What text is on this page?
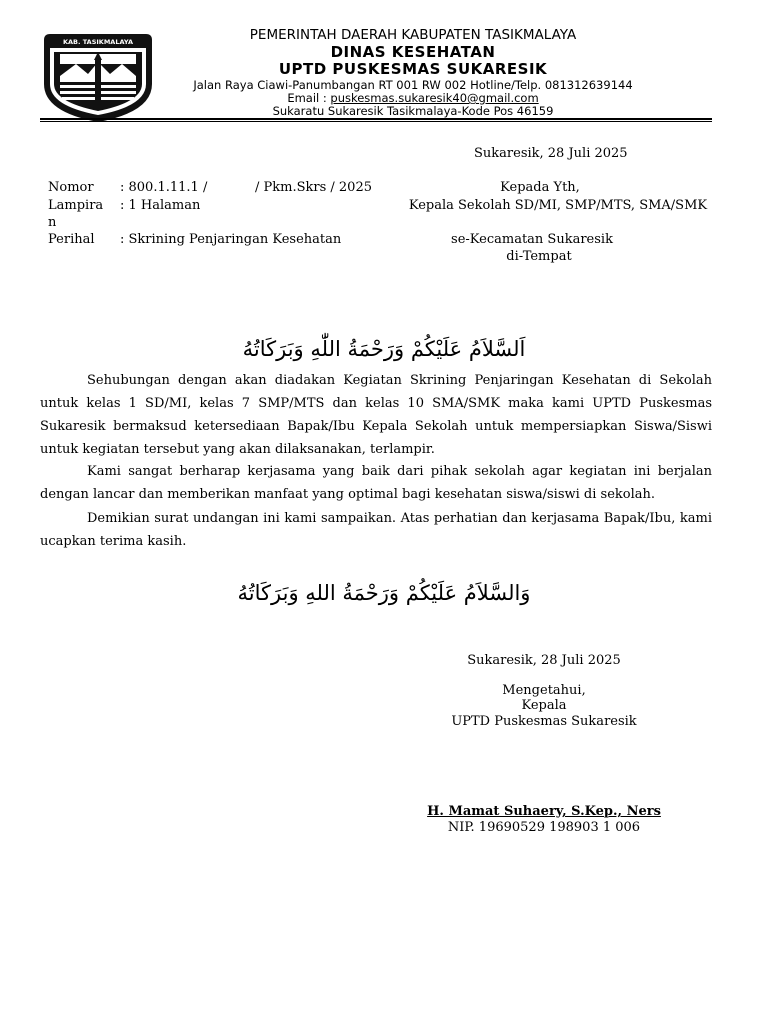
KAB. TASIKMALAYA	PEMERINTAH DAERAH KABUPATEN TASIKMALAYA
DINAS KESEHATAN
UPTD PUSKESMAS SUKARESIK
Jalan Raya Ciawi-Panumbangan RT 001 RW 002 Hotline/Telp. 081312639144
Email : puskesmas.sukaresik40@gmail.com
Sukaratu Sukaresik Tasikmalaya-Kode Pos 46159
Sukaresik, 28 Juli 2025
Nomor : 800.1.11.1 /	/ Pkm.Skrs / 2025
Lampira
n
: 1 Halaman
Perihal : Skrining Penjaringan Kesehatan
Kepada Yth,
Kepala Sekolah SD/MI, SMP/MTS, SMA/SMK
se-Kecamatan Sukaresik
di-Tempat
اَلسَّلاَمُ عَلَيْكُمْ وَرَحْمَةُ اللّٰهِ وَبَرَكَاتُهُ
Sehubungan dengan akan diadakan Kegiatan Skrining Penjaringan Kesehatan di Sekolah untuk kelas 1 SD/MI, kelas 7 SMP/MTS dan kelas 10 SMA/SMK maka kami UPTD Puskesmas Sukaresik bermaksud ketersediaan Bapak/Ibu Kepala Sekolah untuk mempersiapkan Siswa/Siswi untuk kegiatan tersebut yang akan dilaksanakan, terlampir.
Kami sangat berharap kerjasama yang baik dari pihak sekolah agar kegiatan ini berjalan dengan lancar dan memberikan manfaat yang optimal bagi kesehatan siswa/siswi di sekolah.
Demikian surat undangan ini kami sampaikan. Atas perhatian dan kerjasama Bapak/Ibu, kami ucapkan terima kasih.
وَالسَّلاَمُ عَلَيْكُمْ وَرَحْمَةُ اللهِ وَبَرَكَاتُهُ
Sukaresik, 28 Juli 2025
Mengetahui,
Kepala
UPTD Puskesmas Sukaresik
H. Mamat Suhaery, S.Kep., Ners
NIP. 19690529 198903 1 006
